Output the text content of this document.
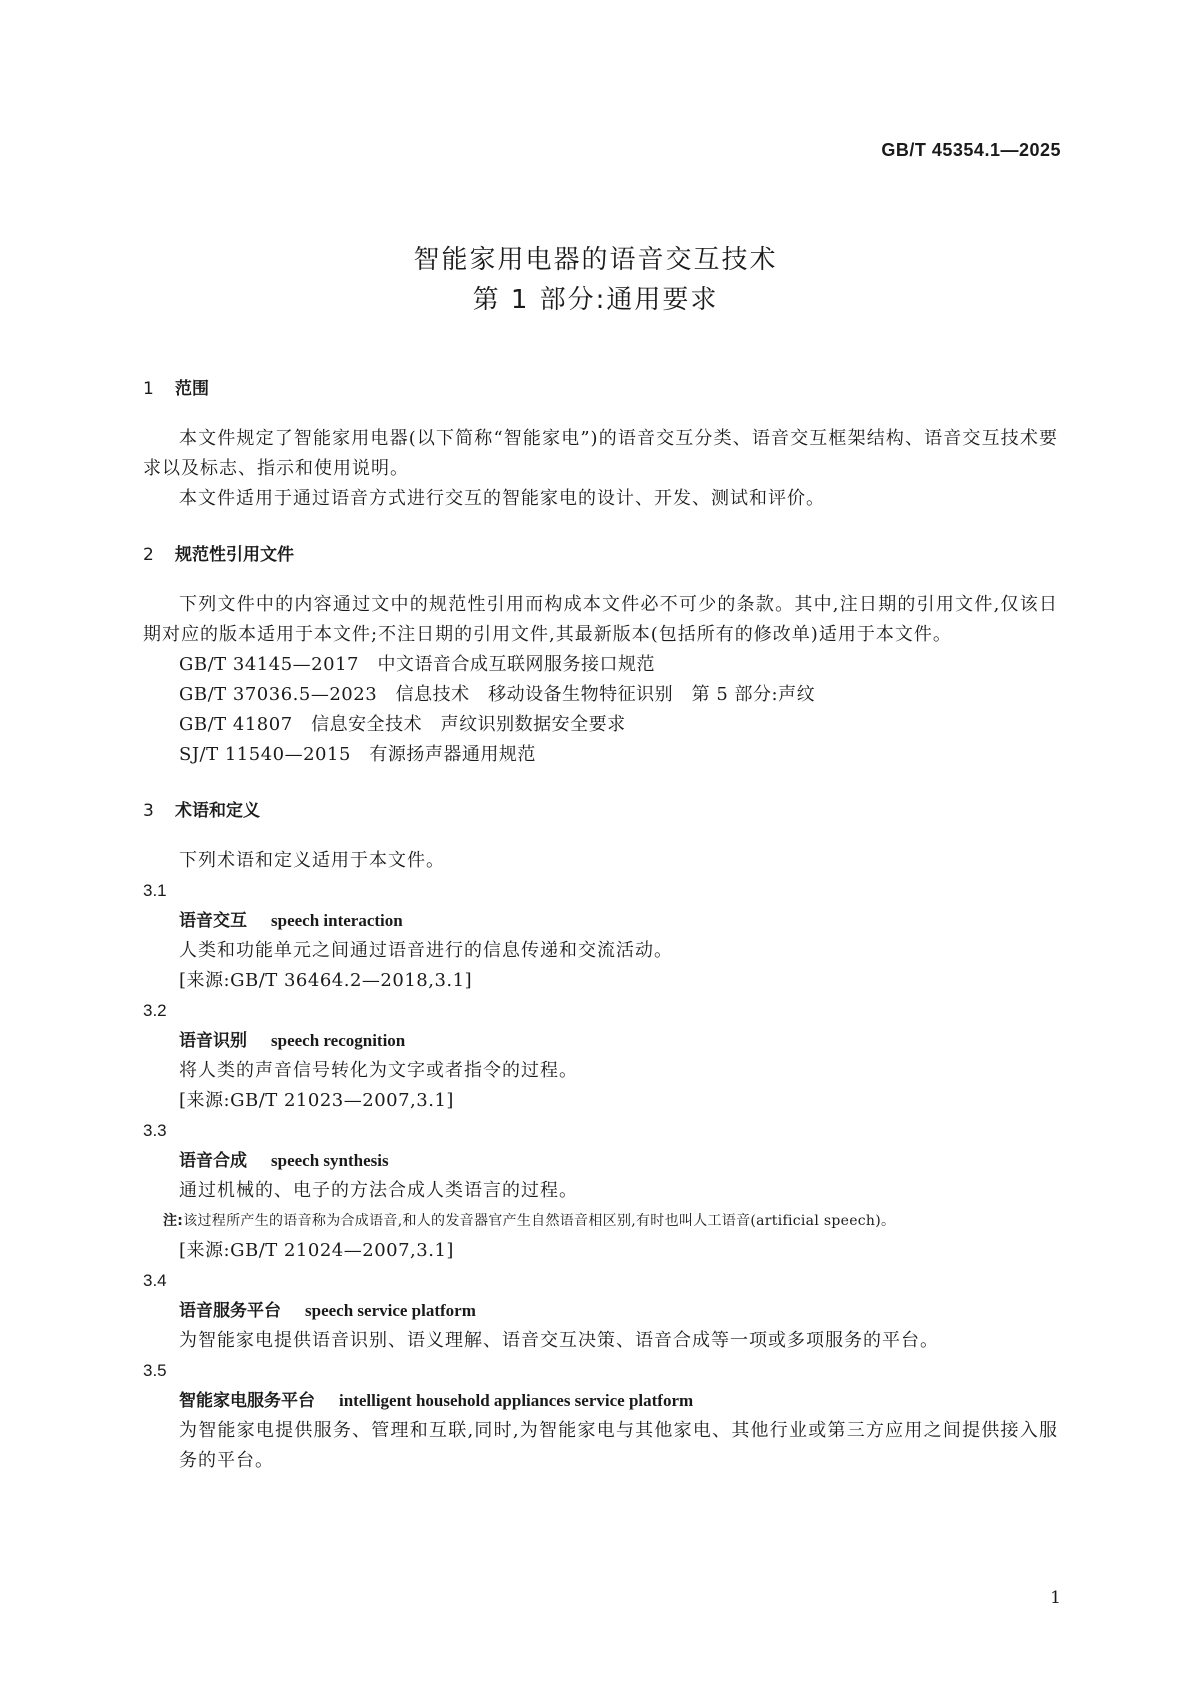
GB/T 45354.1—2025
智能家用电器的语音交互技术
第 1 部分:通用要求
1	范围

本文件规定了智能家用电器(以下简称“智能家电”)的语音交互分类、语音交互框架结构、语音交互技术要求以及标志、指示和使用说明。

本文件适用于通过语音方式进行交互的智能家电的设计、开发、测试和评价。

2	规范性引用文件

下列文件中的内容通过文中的规范性引用而构成本文件必不可少的条款。其中,注日期的引用文件,仅该日期对应的版本适用于本文件;不注日期的引用文件,其最新版本(包括所有的修改单)适用于本文件。

GB/T 34145—2017　中文语音合成互联网服务接口规范

GB/T 37036.5—2023　信息技术　移动设备生物特征识别　第 5 部分:声纹

GB/T 41807　信息安全技术　声纹识别数据安全要求

SJ/T 11540—2015　有源扬声器通用规范

3	术语和定义

下列术语和定义适用于本文件。

3.1

语音交互 speech interaction

人类和功能单元之间通过语音进行的信息传递和交流活动。

[来源:GB/T 36464.2—2018,3.1]

3.2

语音识别 speech recognition

将人类的声音信号转化为文字或者指令的过程。

[来源:GB/T 21023—2007,3.1]

3.3

语音合成 speech synthesis

通过机械的、电子的方法合成人类语言的过程。

注:该过程所产生的语音称为合成语音,和人的发音器官产生自然语音相区别,有时也叫人工语音(artificial speech)。

[来源:GB/T 21024—2007,3.1]

3.4

语音服务平台 speech service platform

为智能家电提供语音识别、语义理解、语音交互决策、语音合成等一项或多项服务的平台。

3.5

智能家电服务平台 intelligent household appliances service platform

为智能家电提供服务、管理和互联,同时,为智能家电与其他家电、其他行业或第三方应用之间提供接入服务的平台。

1
